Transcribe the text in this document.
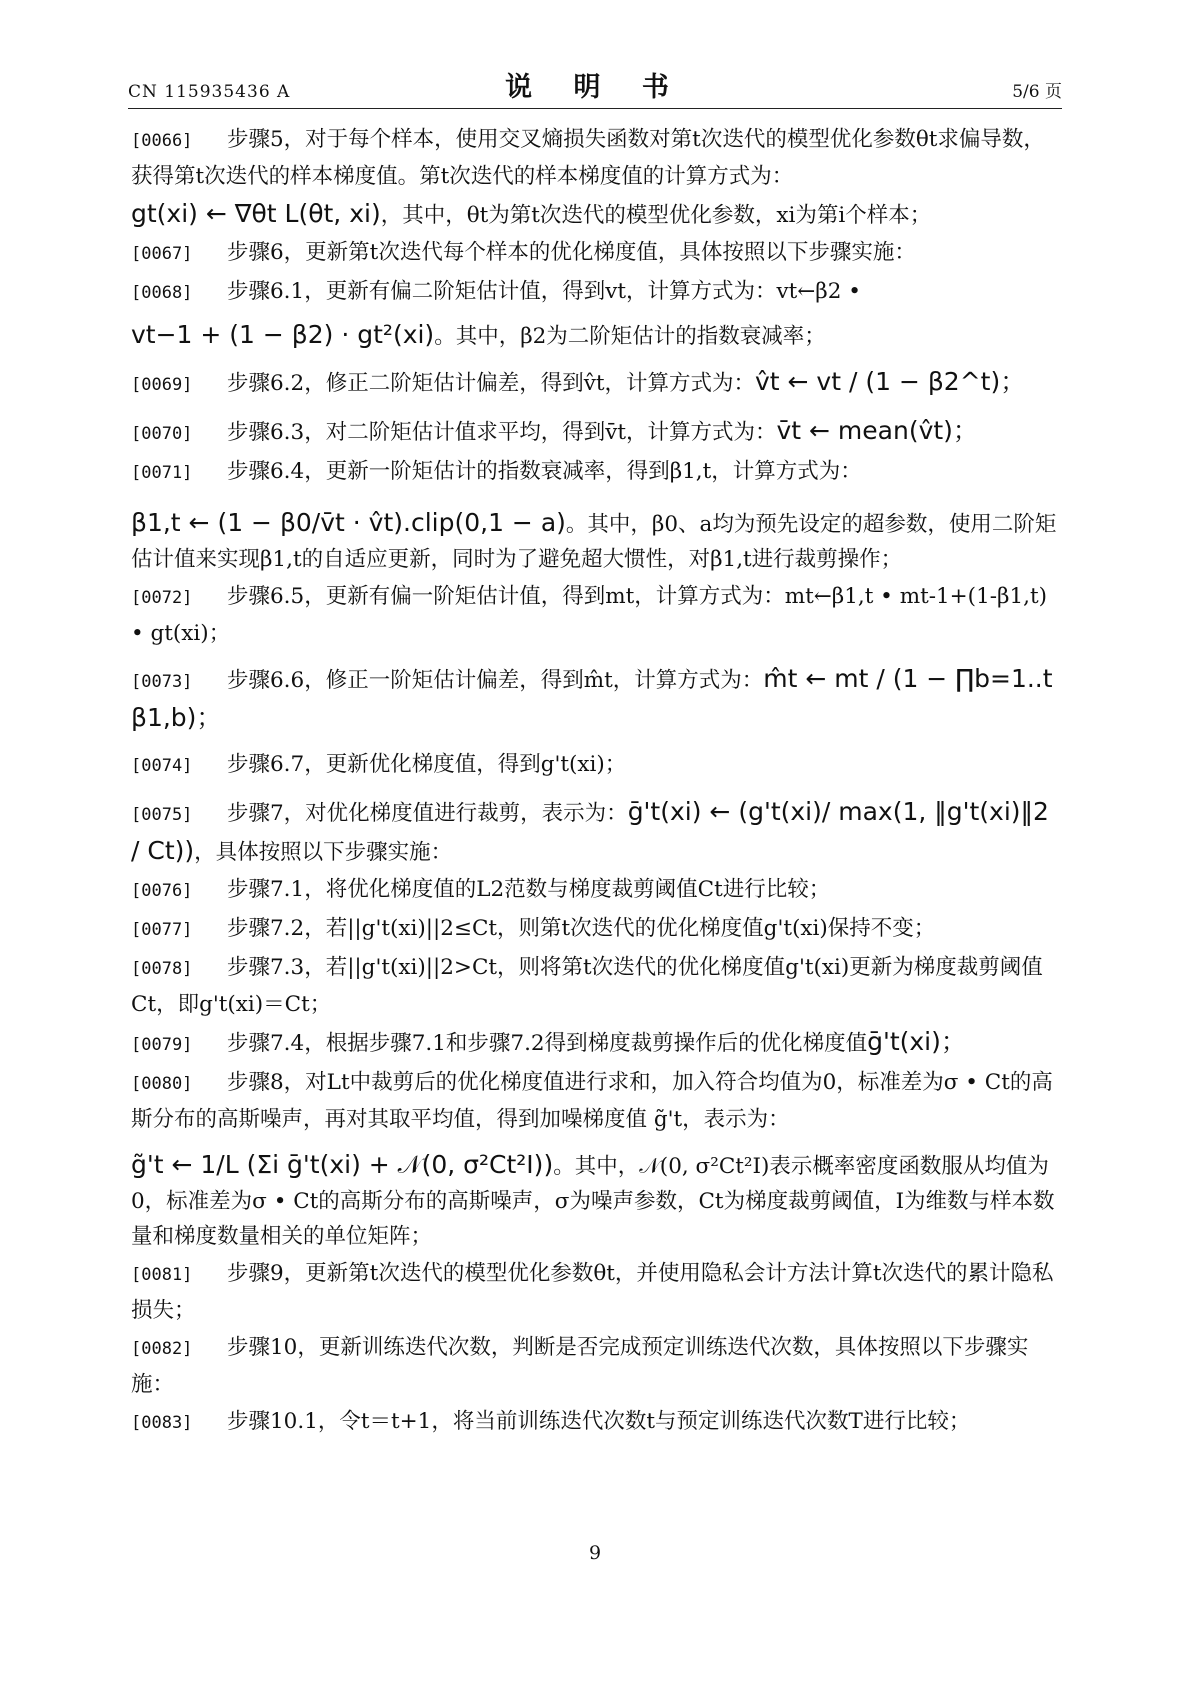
CN 115935436 A	说 明 书	5/6 页

[0066] 步骤5，对于每个样本，使用交叉熵损失函数对第t次迭代的模型优化参数θt求偏导数，获得第t次迭代的样本梯度值。第t次迭代的样本梯度值的计算方式为：

gt(xi) ← ∇θt L(θt, xi)，其中，θt为第t次迭代的模型优化参数，xi为第i个样本；

[0067] 步骤6，更新第t次迭代每个样本的优化梯度值，具体按照以下步骤实施：

[0068] 步骤6.1，更新有偏二阶矩估计值，得到vt，计算方式为：vt←β2 •

vt−1 + (1 − β2) · gt²(xi)。其中，β2为二阶矩估计的指数衰减率；

[0069] 步骤6.2，修正二阶矩估计偏差，得到v̂t，计算方式为：v̂t ← vt / (1 − β2^t)；

[0070] 步骤6.3，对二阶矩估计值求平均，得到v̄t，计算方式为：v̄t ← mean(v̂t)；

[0071] 步骤6.4，更新一阶矩估计的指数衰减率，得到β1,t，计算方式为：

β1,t ← (1 − β0/v̄t · v̂t).clip(0,1 − a)。其中，β0、a均为预先设定的超参数，使用二阶矩估计值来实现β1,t的自适应更新，同时为了避免超大惯性，对β1,t进行裁剪操作；

[0072] 步骤6.5，更新有偏一阶矩估计值，得到mt，计算方式为：mt←β1,t • mt-1+(1-β1,t) • gt(xi)；

[0073] 步骤6.6，修正一阶矩估计偏差，得到m̂t，计算方式为：m̂t ← mt / (1 − ∏b=1..t β1,b)；

[0074] 步骤6.7，更新优化梯度值，得到g't(xi)；

[0075] 步骤7，对优化梯度值进行裁剪，表示为：ḡ't(xi) ← (g't(xi)/ max(1, ‖g't(xi)‖2 / Ct))，具体按照以下步骤实施：

[0076] 步骤7.1，将优化梯度值的L2范数与梯度裁剪阈值Ct进行比较；

[0077] 步骤7.2，若||g't(xi)||2≤Ct，则第t次迭代的优化梯度值g't(xi)保持不变；

[0078] 步骤7.3，若||g't(xi)||2>Ct，则将第t次迭代的优化梯度值g't(xi)更新为梯度裁剪阈值Ct，即g't(xi)＝Ct；

[0079] 步骤7.4，根据步骤7.1和步骤7.2得到梯度裁剪操作后的优化梯度值ḡ't(xi)；

[0080] 步骤8，对Lt中裁剪后的优化梯度值进行求和，加入符合均值为0，标准差为σ • Ct的高斯分布的高斯噪声，再对其取平均值，得到加噪梯度值 g̃'t，表示为：

g̃'t ← 1/L (Σi ḡ't(xi) + 𝒩(0, σ²Ct²I))。其中，𝒩(0, σ²Ct²I)表示概率密度函数服从均值为0，标准差为σ • Ct的高斯分布的高斯噪声，σ为噪声参数，Ct为梯度裁剪阈值，I为维数与样本数量和梯度数量相关的单位矩阵；

[0081] 步骤9，更新第t次迭代的模型优化参数θt，并使用隐私会计方法计算t次迭代的累计隐私损失；

[0082] 步骤10，更新训练迭代次数，判断是否完成预定训练迭代次数，具体按照以下步骤实施：

[0083] 步骤10.1，令t＝t+1，将当前训练迭代次数t与预定训练迭代次数T进行比较；

9
